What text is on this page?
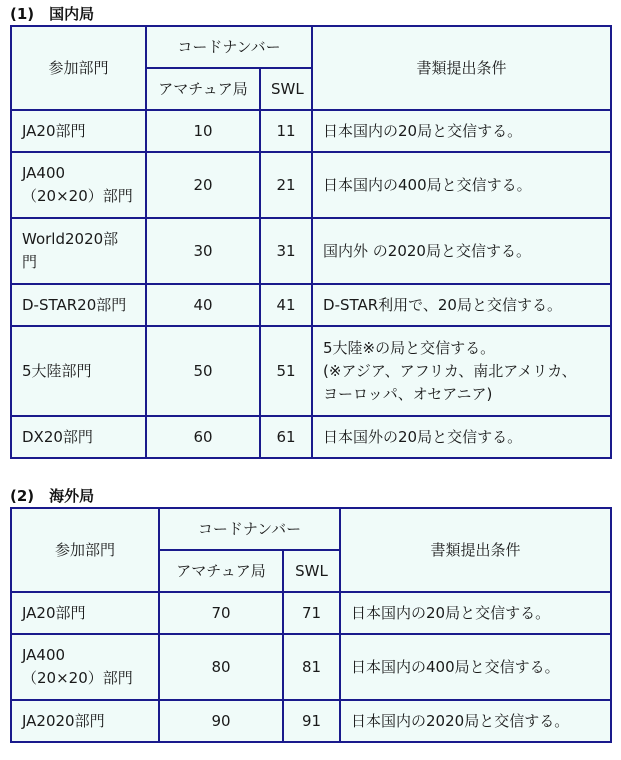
(1)　国内局
参加部門	コードナンバー		書類提出条件
	アマチュア局	SWL	

JA20部門	10	11	日本国内の20局と交信する。

JA400
（20×20）部門	20	21	日本国内の400局と交信する。

World2020部
門	30	31	国内外 の2020局と交信する。

D-STAR20部門	40	41	D-STAR利用で、20局と交信する。

5大陸部門	50	51	5大陸※の局と交信する。
(※アジア、アフリカ、南北アメリカ、
ヨーロッパ、オセアニア)

DX20部門	60	61	日本国外の20局と交信する。
(2)　海外局
参加部門	コードナンバー		書類提出条件
	アマチュア局	SWL	

JA20部門	70	71	日本国内の20局と交信する。

JA400
（20×20）部門	80	81	日本国内の400局と交信する。

JA2020部門	90	91	日本国内の2020局と交信する。
